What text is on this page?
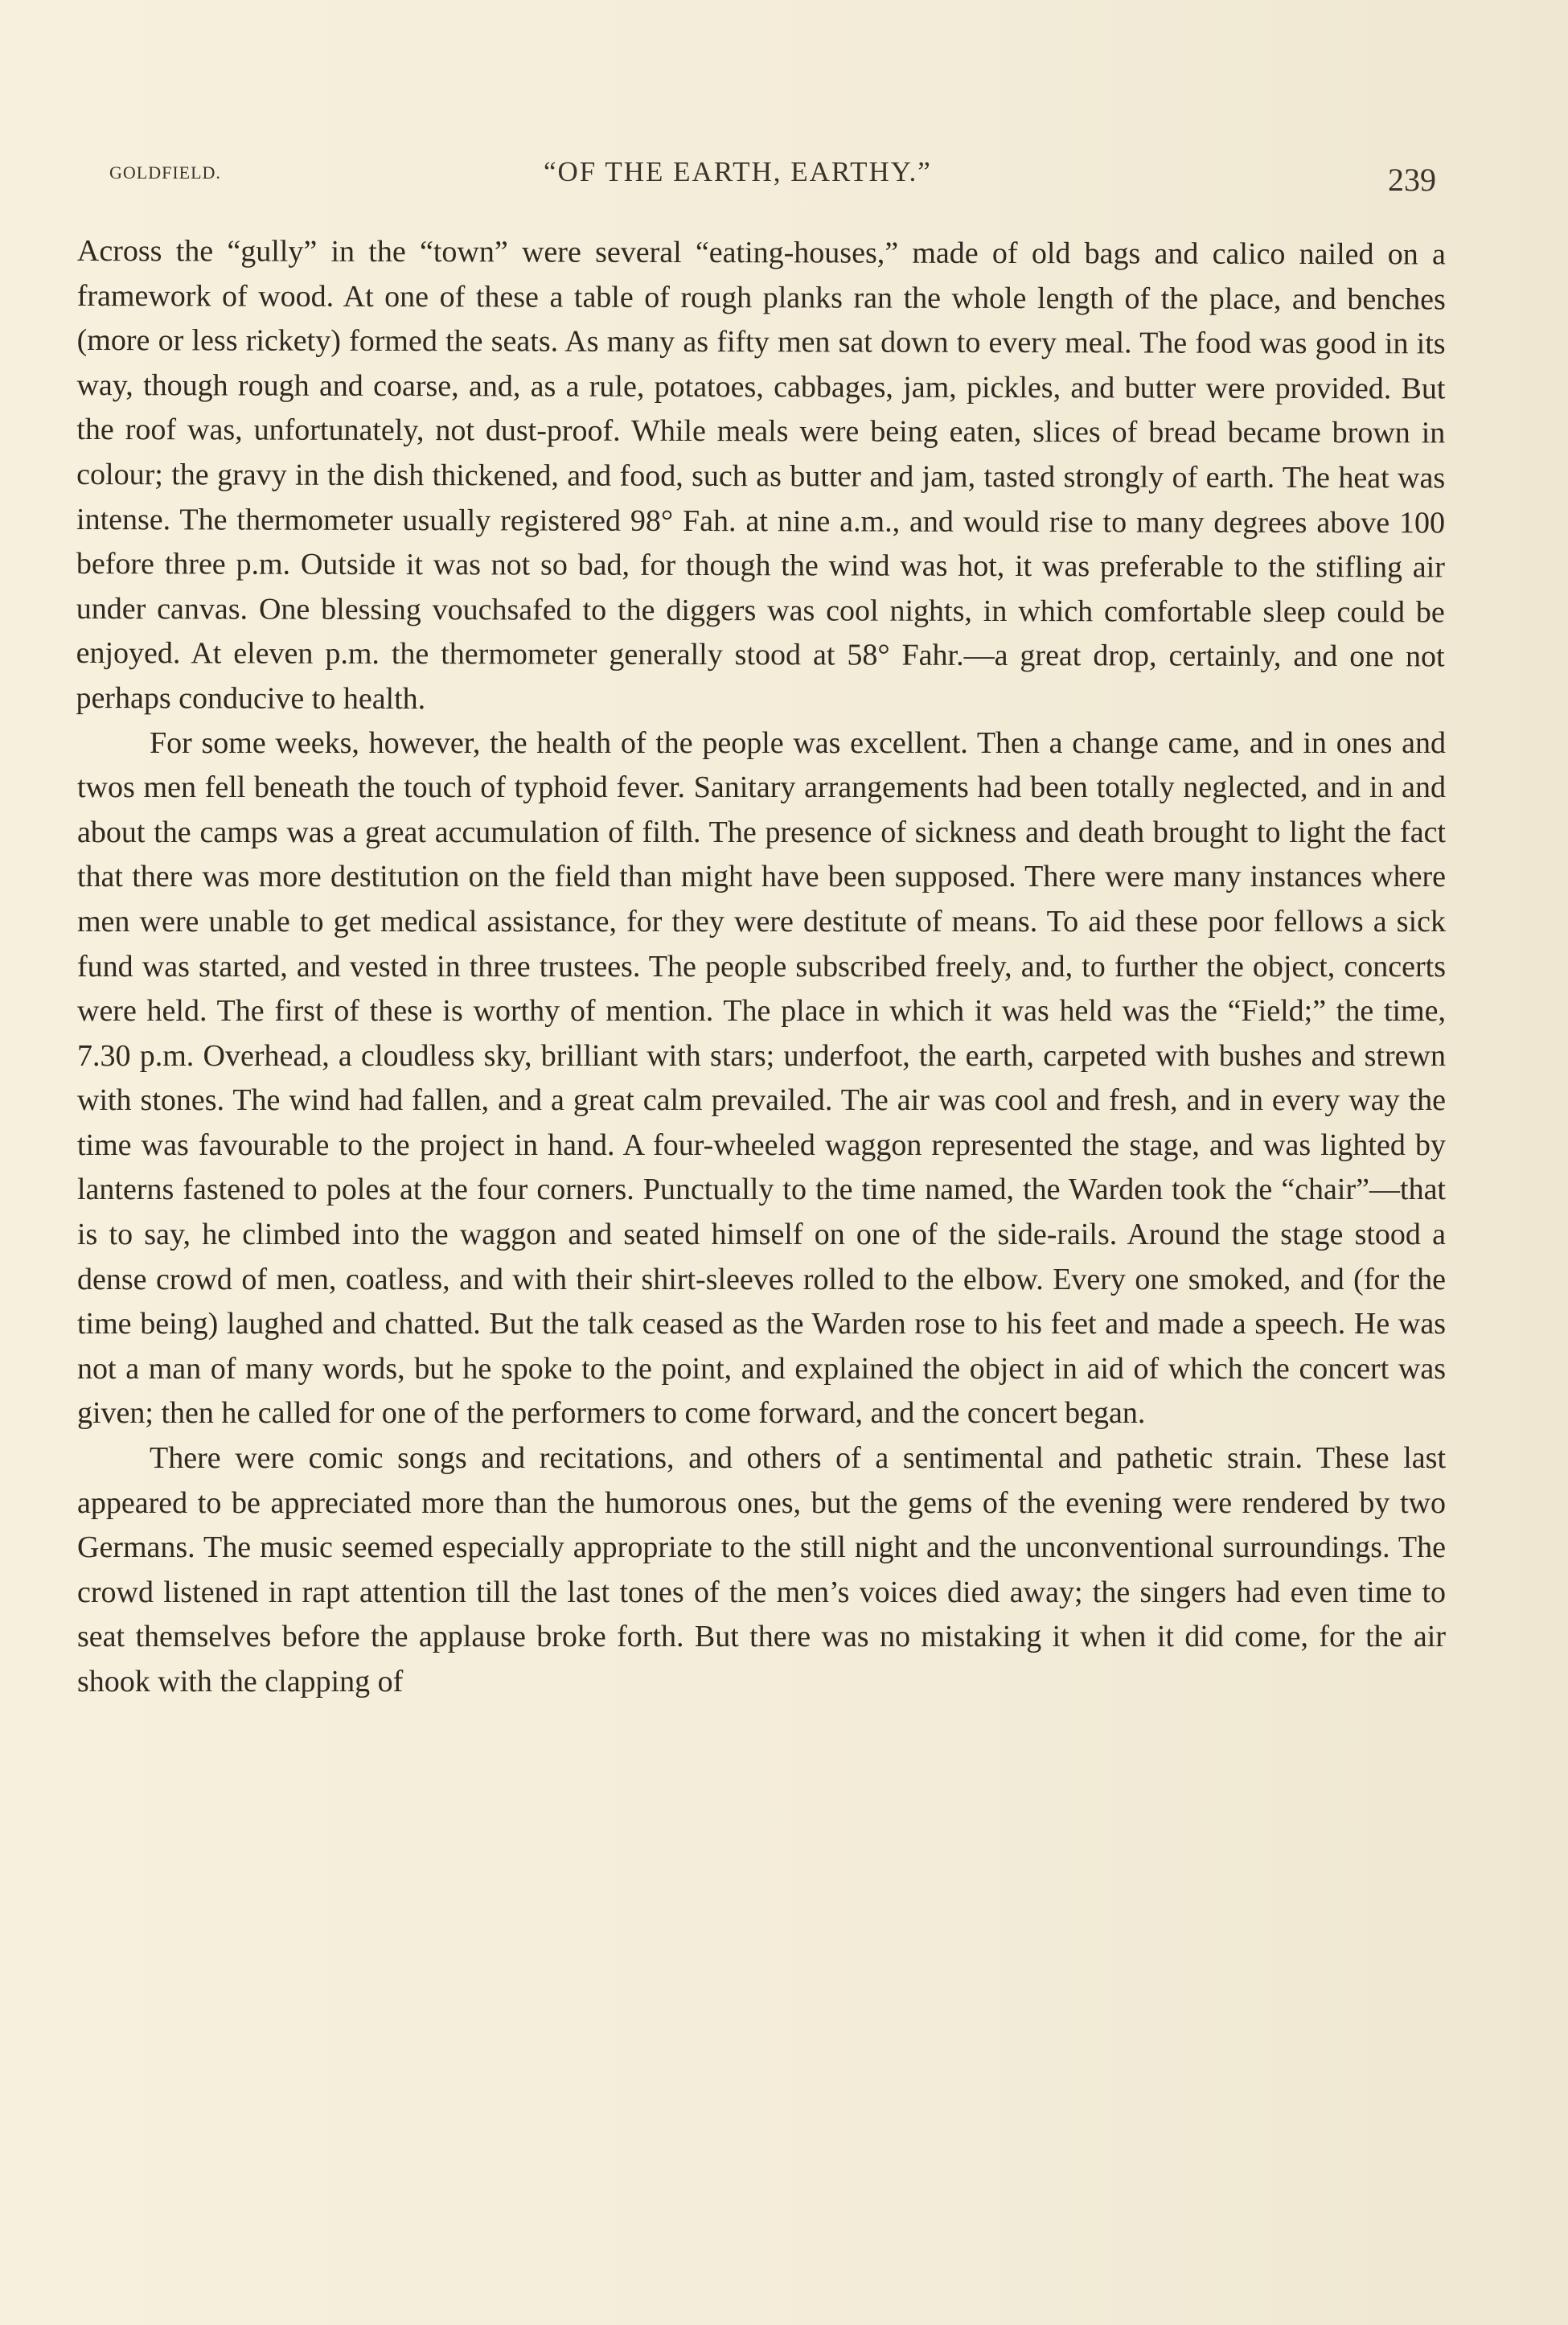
GOLDFIELD.	“OF THE EARTH, EARTHY.”	239

Across the “gully” in the “town” were several “eating-houses,” made of old bags and calico nailed on a framework of wood. At one of these a table of rough planks ran the whole length of the place, and benches (more or less rickety) formed the seats. As many as fifty men sat down to every meal. The food was good in its way, though rough and coarse, and, as a rule, potatoes, cabbages, jam, pickles, and butter were provided. But the roof was, unfortunately, not dust-proof. While meals were being eaten, slices of bread became brown in colour; the gravy in the dish thickened, and food, such as butter and jam, tasted strongly of earth. The heat was intense. The thermometer usually registered 98° Fah. at nine a.m., and would rise to many degrees above 100 before three p.m. Outside it was not so bad, for though the wind was hot, it was preferable to the stifling air under canvas. One blessing vouchsafed to the diggers was cool nights, in which comfortable sleep could be enjoyed. At eleven p.m. the thermometer generally stood at 58° Fahr.—a great drop, certainly, and one not perhaps conducive to health.

For some weeks, however, the health of the people was excellent. Then a change came, and in ones and twos men fell beneath the touch of typhoid fever. Sanitary arrangements had been totally neglected, and in and about the camps was a great accumulation of filth. The presence of sickness and death brought to light the fact that there was more destitution on the field than might have been supposed. There were many instances where men were unable to get medical assistance, for they were destitute of means. To aid these poor fellows a sick fund was started, and vested in three trustees. The people subscribed freely, and, to further the object, concerts were held. The first of these is worthy of mention. The place in which it was held was the “Field;” the time, 7.30 p.m. Overhead, a cloudless sky, brilliant with stars; underfoot, the earth, carpeted with bushes and strewn with stones. The wind had fallen, and a great calm prevailed. The air was cool and fresh, and in every way the time was favourable to the project in hand. A four-wheeled waggon represented the stage, and was lighted by lanterns fastened to poles at the four corners. Punctually to the time named, the Warden took the “chair”—that is to say, he climbed into the waggon and seated himself on one of the side-rails. Around the stage stood a dense crowd of men, coatless, and with their shirt-sleeves rolled to the elbow. Every one smoked, and (for the time being) laughed and chatted. But the talk ceased as the Warden rose to his feet and made a speech. He was not a man of many words, but he spoke to the point, and explained the object in aid of which the concert was given; then he called for one of the performers to come forward, and the concert began.

There were comic songs and recitations, and others of a sentimental and pathetic strain. These last appeared to be appreciated more than the humorous ones, but the gems of the evening were rendered by two Germans. The music seemed especially appropriate to the still night and the unconventional surroundings. The crowd listened in rapt attention till the last tones of the men’s voices died away; the singers had even time to seat themselves before the applause broke forth. But there was no mistaking it when it did come, for the air shook with the clapping of
